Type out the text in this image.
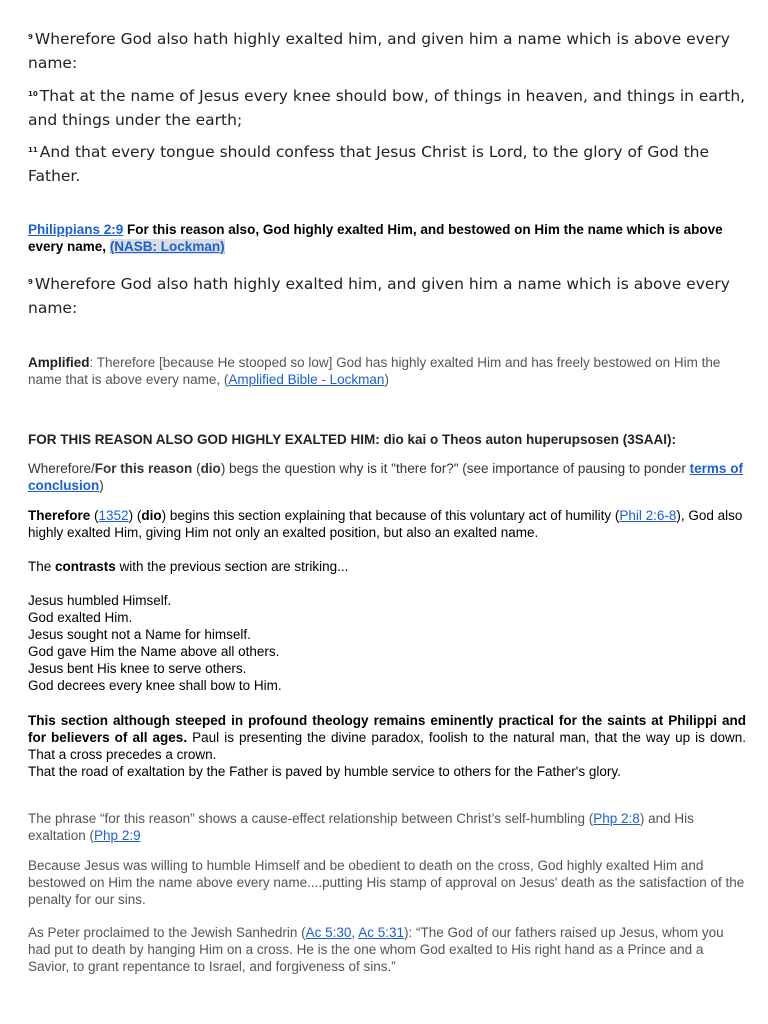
$^9$ Wherefore God also hath highly exalted him, and given him a name which is above every name:

$^{10}$ That at the name of Jesus every knee should bow, of things in heaven, and things in earth, and things under the earth;

$^{11}$ And that every tongue should confess that Jesus Christ is Lord, to the glory of God the Father.

Philippians 2:9 For this reason also, God highly exalted Him, and bestowed on Him the name which is above every name, (NASB: Lockman)

$^9$ Wherefore God also hath highly exalted him, and given him a name which is above every name:

Amplified: Therefore [because He stooped so low] God has highly exalted Him and has freely bestowed on Him the name that is above every name, (Amplified Bible - Lockman)

FOR THIS REASON ALSO GOD HIGHLY EXALTED HIM: dio kai o Theos auton huperupsosen (3SAAI):

Wherefore/For this reason (dio) begs the question why is it "there for?" (see importance of pausing to ponder terms of conclusion)

Therefore (1352) (dio) begins this section explaining that because of this voluntary act of humility (Phil 2:6-8), God also highly exalted Him, giving Him not only an exalted position, but also an exalted name.

The contrasts with the previous section are striking...

Jesus humbled Himself.
God exalted Him.
Jesus sought not a Name for himself.
God gave Him the Name above all others.
Jesus bent His knee to serve others.
God decrees every knee shall bow to Him.
This section although steeped in profound theology remains eminently practical for the saints at Philippi and for believers of all ages. Paul is presenting the divine paradox, foolish to the natural man, that the way up is down. That a cross precedes a crown.
That the road of exaltation by the Father is paved by humble service to others for the Father's glory.

The phrase “for this reason” shows a cause-effect relationship between Christ’s self-humbling (Php 2:8) and His exaltation (Php 2:9

Because Jesus was willing to humble Himself and be obedient to death on the cross, God highly exalted Him and bestowed on Him the name above every name....putting His stamp of approval on Jesus' death as the satisfaction of the penalty for our sins.

As Peter proclaimed to the Jewish Sanhedrin (Ac 5:30, Ac 5:31): “The God of our fathers raised up Jesus, whom you had put to death by hanging Him on a cross. He is the one whom God exalted to His right hand as a Prince and a Savior, to grant repentance to Israel, and forgiveness of sins.”
